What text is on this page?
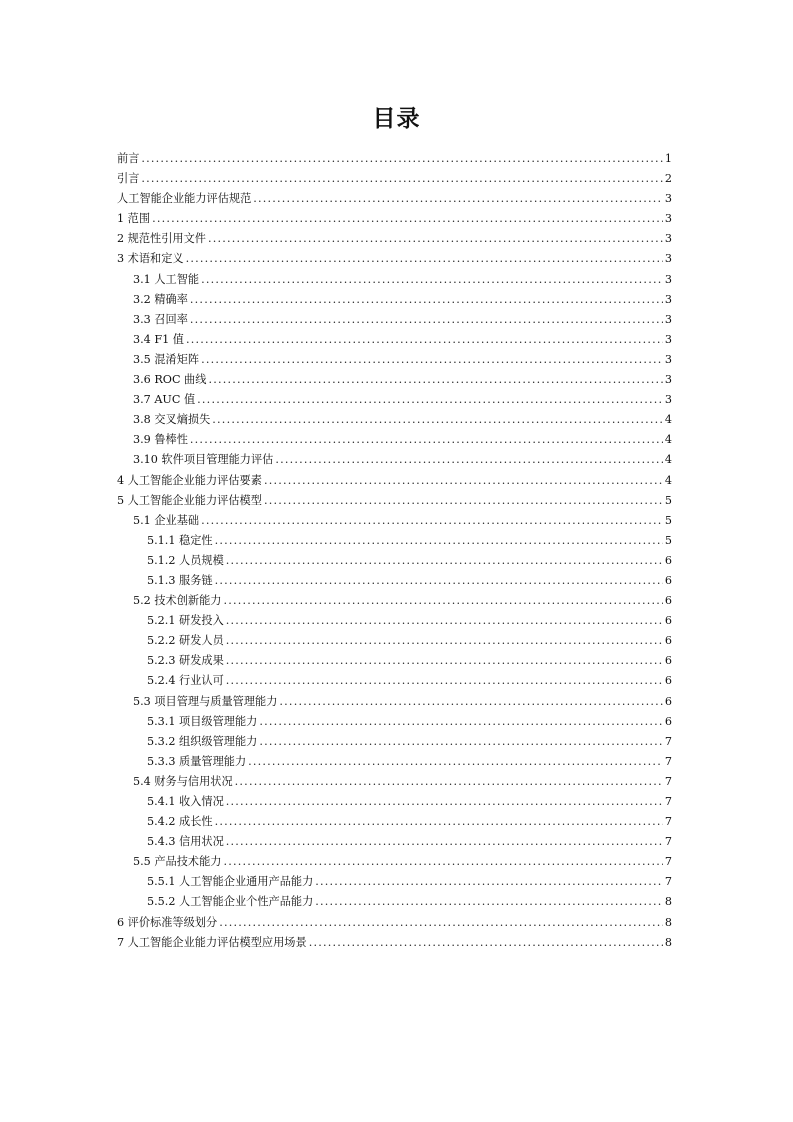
目录
前言 .....	1
引言 .....	2
人工智能企业能力评估规范 .....	3
1 范围 .....	3
2 规范性引用文件 .....	3
3 术语和定义 .....	3
3.1 人工智能 .....	3
3.2 精确率 .....	3
3.3 召回率 .....	3
3.4 F1 值 .....	3
3.5 混淆矩阵 .....	3
3.6 ROC 曲线 .....	3
3.7 AUC 值 .....	3
3.8 交叉熵损失 .....	4
3.9 鲁棒性 .....	4
3.10 软件项目管理能力评估 .....	4
4 人工智能企业能力评估要素 .....	4
5 人工智能企业能力评估模型 .....	5
5.1 企业基础 .....	5
5.1.1 稳定性 .....	5
5.1.2 人员规模 .....	6
5.1.3 服务链 .....	6
5.2 技术创新能力 .....	6
5.2.1 研发投入 .....	6
5.2.2 研发人员 .....	6
5.2.3 研发成果 .....	6
5.2.4 行业认可 .....	6
5.3 项目管理与质量管理能力 .....	6
5.3.1 项目级管理能力 .....	6
5.3.2 组织级管理能力 .....	7
5.3.3 质量管理能力 .....	7
5.4 财务与信用状况 .....	7
5.4.1 收入情况 .....	7
5.4.2 成长性 .....	7
5.4.3 信用状况 .....	7
5.5 产品技术能力 .....	7
5.5.1 人工智能企业通用产品能力 .....	7
5.5.2 人工智能企业个性产品能力 .....	8
6 评价标准等级划分 .....	8
7 人工智能企业能力评估模型应用场景 .....	8
